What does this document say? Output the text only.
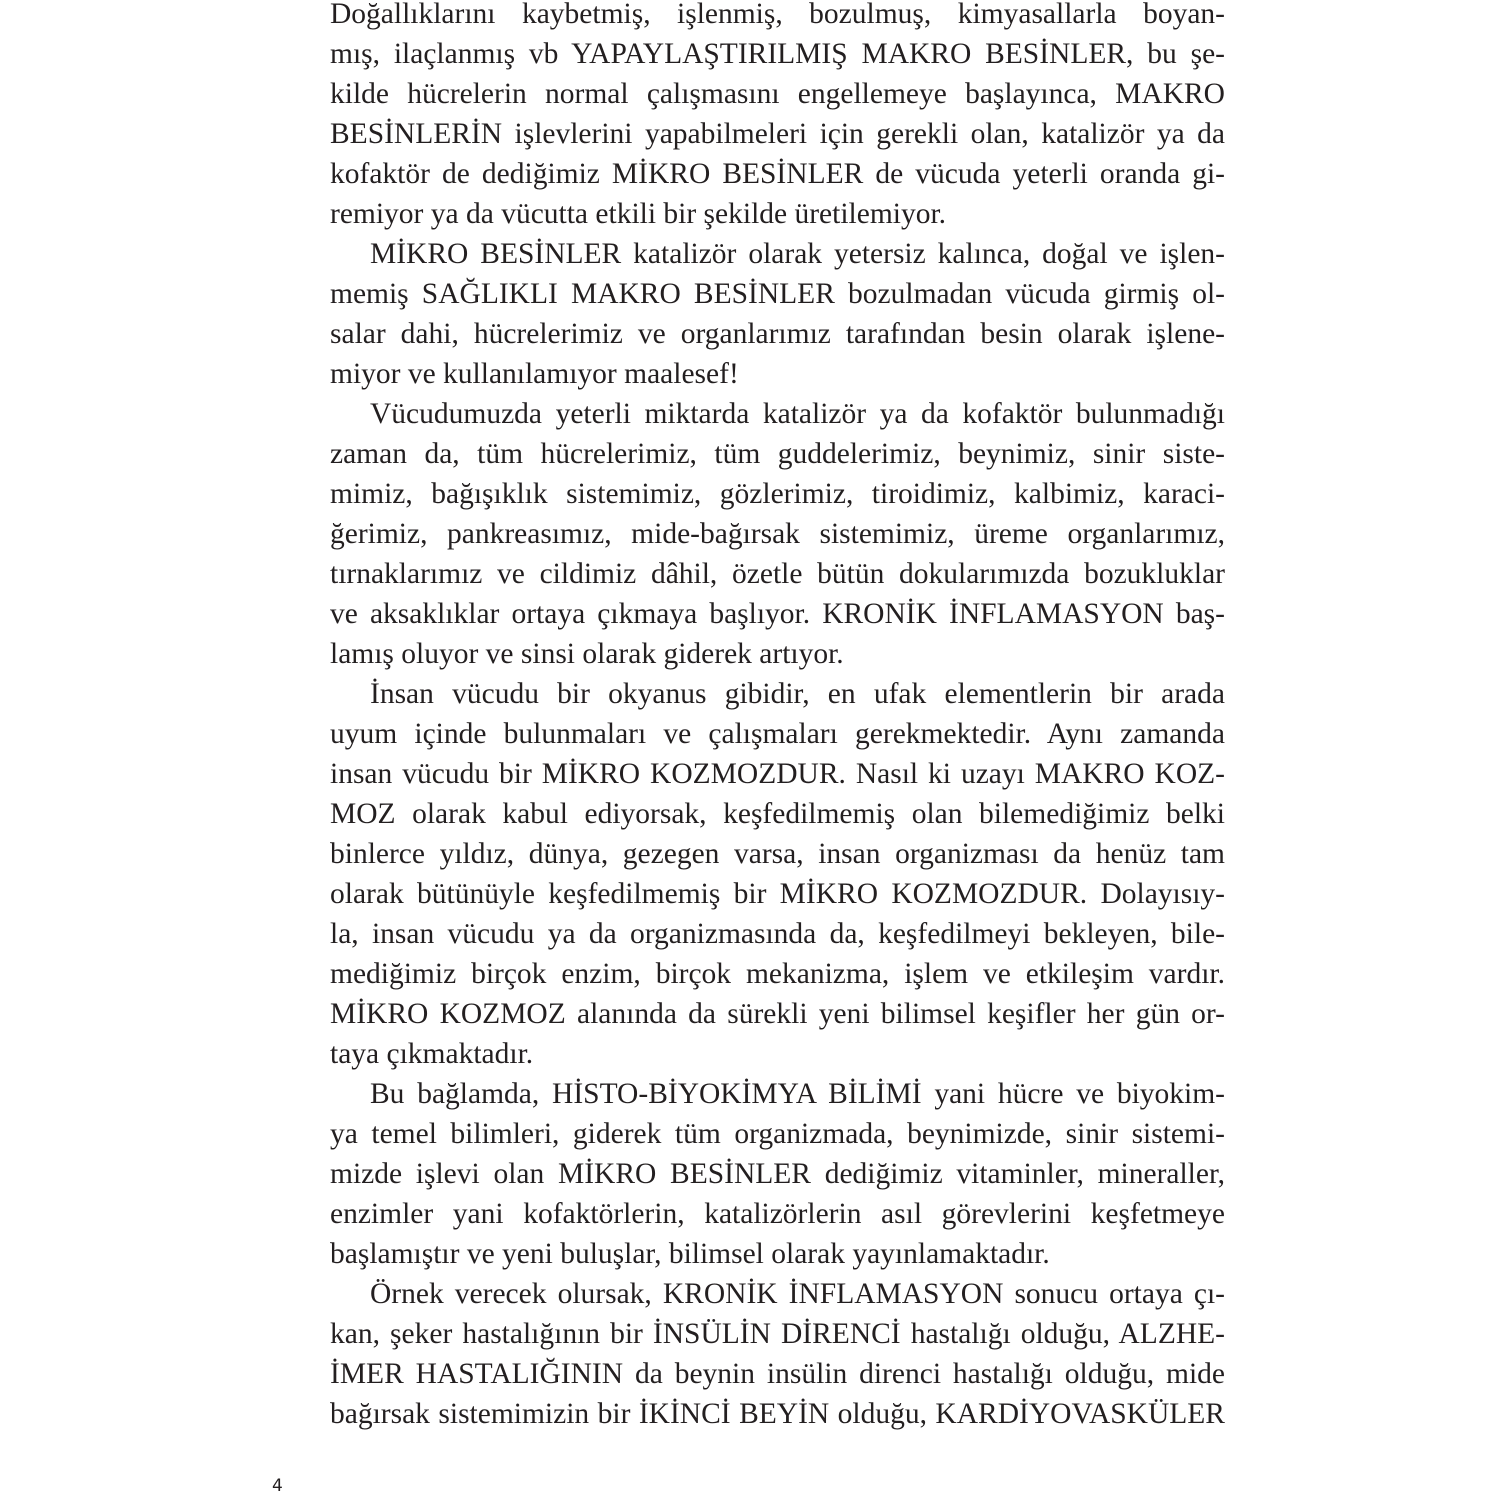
Doğallıklarını kaybetmiş, işlenmiş, bozulmuş, kimyasallarla boyan-
mış, ilaçlanmış vb YAPAYLAŞTIRILMIŞ MAKRO BESİNLER, bu şe-
kilde hücrelerin normal çalışmasını engellemeye başlayınca, MAKRO
BESİNLERİN işlevlerini yapabilmeleri için gerekli olan, katalizör ya da
kofaktör de dediğimiz MİKRO BESİNLER de vücuda yeterli oranda gi-
remiyor ya da vücutta etkili bir şekilde üretilemiyor.
MİKRO BESİNLER katalizör olarak yetersiz kalınca, doğal ve işlen-
memiş SAĞLIKLI MAKRO BESİNLER bozulmadan vücuda girmiş ol-
salar dahi, hücrelerimiz ve organlarımız tarafından besin olarak işlene-
miyor ve kullanılamıyor maalesef!
Vücudumuzda yeterli miktarda katalizör ya da kofaktör bulunmadığı
zaman da, tüm hücrelerimiz, tüm guddelerimiz, beynimiz, sinir siste-
mimiz, bağışıklık sistemimiz, gözlerimiz, tiroidimiz, kalbimiz, karaci-
ğerimiz, pankreasımız, mide-bağırsak sistemimiz, üreme organlarımız,
tırnaklarımız ve cildimiz dâhil, özetle bütün dokularımızda bozukluklar
ve aksaklıklar ortaya çıkmaya başlıyor. KRONİK İNFLAMASYON baş-
lamış oluyor ve sinsi olarak giderek artıyor.
İnsan vücudu bir okyanus gibidir, en ufak elementlerin bir arada
uyum içinde bulunmaları ve çalışmaları gerekmektedir. Aynı zamanda
insan vücudu bir MİKRO KOZMOZDUR. Nasıl ki uzayı MAKRO KOZ-
MOZ olarak kabul ediyorsak, keşfedilmemiş olan bilemediğimiz belki
binlerce yıldız, dünya, gezegen varsa, insan organizması da henüz tam
olarak bütünüyle keşfedilmemiş bir MİKRO KOZMOZDUR. Dolayısıy-
la, insan vücudu ya da organizmasında da, keşfedilmeyi bekleyen, bile-
mediğimiz birçok enzim, birçok mekanizma, işlem ve etkileşim vardır.
MİKRO KOZMOZ alanında da sürekli yeni bilimsel keşifler her gün or-
taya çıkmaktadır.
Bu bağlamda, HİSTO-BİYOKİMYA BİLİMİ yani hücre ve biyokim-
ya temel bilimleri, giderek tüm organizmada, beynimizde, sinir sistemi-
mizde işlevi olan MİKRO BESİNLER dediğimiz vitaminler, mineraller,
enzimler yani kofaktörlerin, katalizörlerin asıl görevlerini keşfetmeye
başlamıştır ve yeni buluşlar, bilimsel olarak yayınlamaktadır.
Örnek verecek olursak, KRONİK İNFLAMASYON sonucu ortaya çı-
kan, şeker hastalığının bir İNSÜLİN DİRENCİ hastalığı olduğu, ALZHE-
İMER HASTALIĞININ da beynin insülin direnci hastalığı olduğu, mide
bağırsak sistemimizin bir İKİNCİ BEYİN olduğu, KARDİYOVASKÜLER
4
